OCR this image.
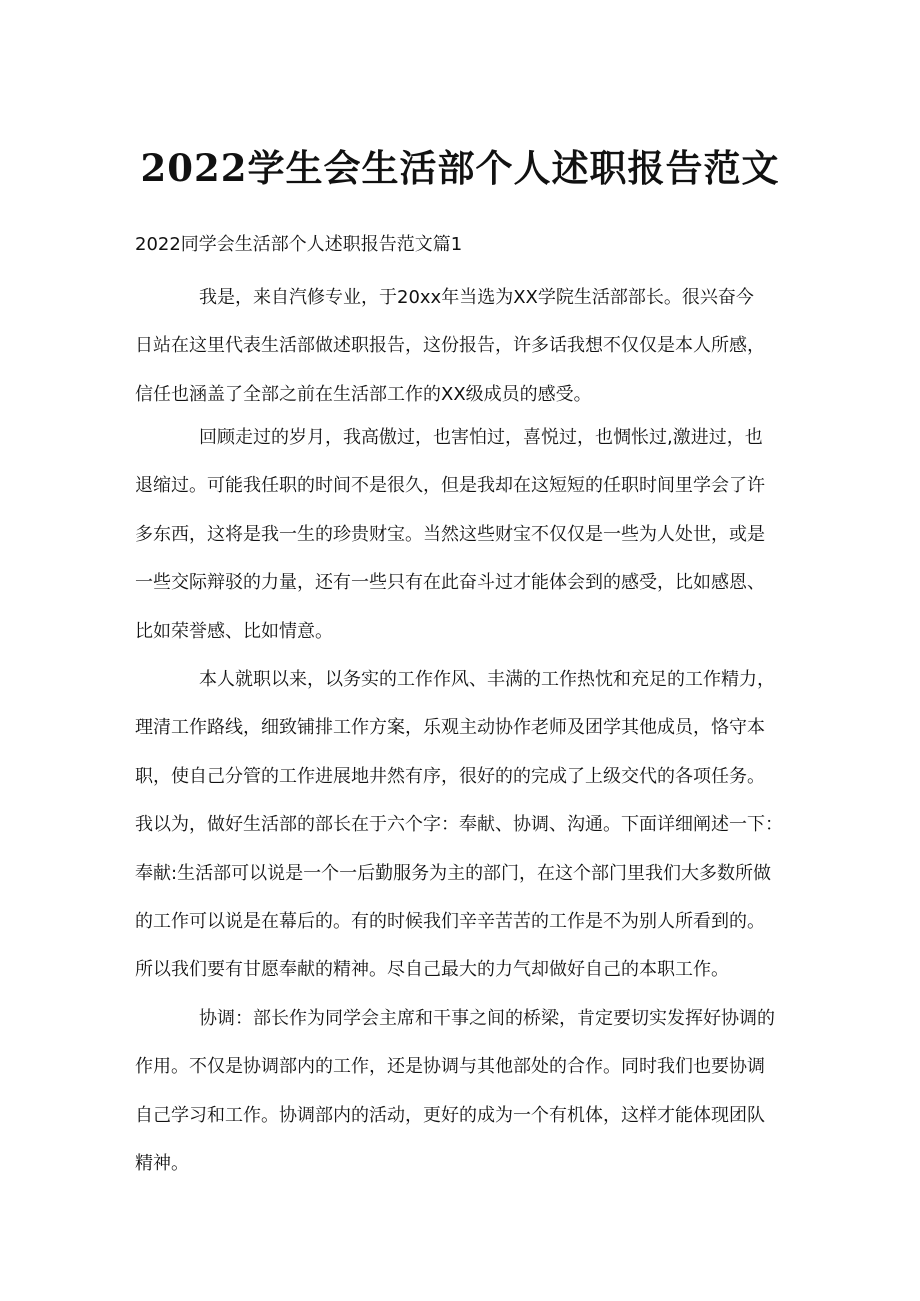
2022学生会生活部个人述职报告范文

2022同学会生活部个人述职报告范文篇1

我是，来自汽修专业，于20xx年当选为XX学院生活部部长。很兴奋今
日站在这里代表生活部做述职报告，这份报告，许多话我想不仅仅是本人所感，
信任也涵盖了全部之前在生活部工作的XX级成员的感受。
回顾走过的岁月，我高傲过，也害怕过，喜悦过，也惆怅过,激进过，也
退缩过。可能我任职的时间不是很久，但是我却在这短短的任职时间里学会了许
多东西，这将是我一生的珍贵财宝。当然这些财宝不仅仅是一些为人处世，或是
一些交际辩驳的力量，还有一些只有在此奋斗过才能体会到的感受，比如感恩、
比如荣誉感、比如情意。
本人就职以来，以务实的工作作风、丰满的工作热忱和充足的工作精力，
理清工作路线，细致铺排工作方案，乐观主动协作老师及团学其他成员，恪守本
职，使自己分管的工作进展地井然有序，很好的的完成了上级交代的各项任务。
我以为，做好生活部的部长在于六个字：奉献、协调、沟通。下面详细阐述一下：
奉献:生活部可以说是一个一后勤服务为主的部门，在这个部门里我们大多数所做
的工作可以说是在幕后的。有的时候我们辛辛苦苦的工作是不为别人所看到的。
所以我们要有甘愿奉献的精神。尽自己最大的力气却做好自己的本职工作。
协调：部长作为同学会主席和干事之间的桥梁，肯定要切实发挥好协调的
作用。不仅是协调部内的工作，还是协调与其他部处的合作。同时我们也要协调
自己学习和工作。协调部内的活动，更好的成为一个有机体，这样才能体现团队
精神。
